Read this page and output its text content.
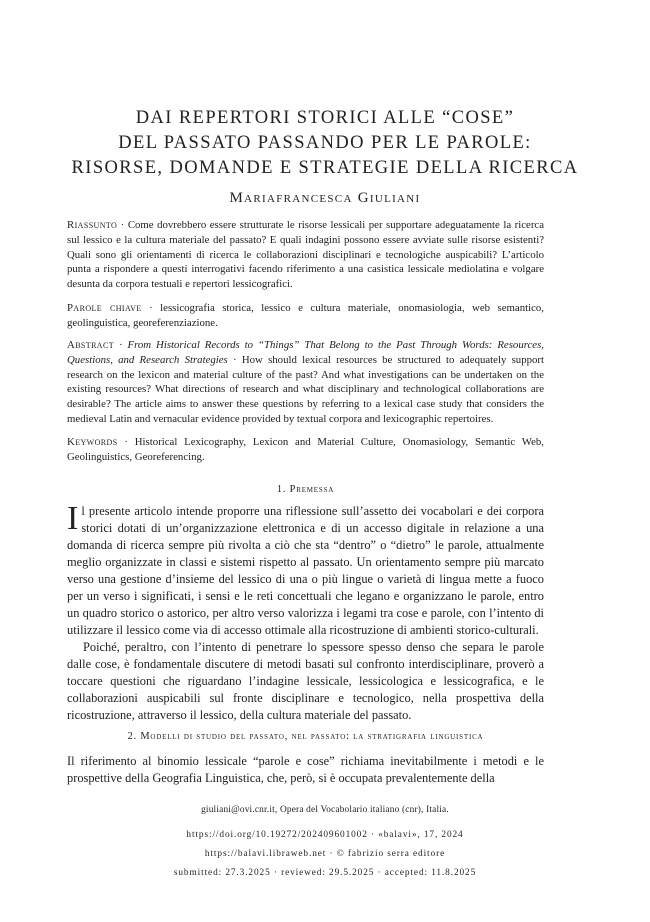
DAI REPERTORI STORICI ALLE “COSE”
DEL PASSATO PASSANDO PER LE PAROLE:
RISORSE, DOMANDE E STRATEGIE DELLA RICERCA
Mariafrancesca Giuliani

Riassunto · Come dovrebbero essere strutturate le risorse lessicali per supportare adeguatamente la ricerca sul lessico e la cultura materiale del passato? E quali indagini possono essere avviate sulle risorse esistenti? Quali sono gli orientamenti di ricerca le collaborazioni disciplinari e tecnologiche auspicabili? L’articolo punta a rispondere a questi interrogativi facendo riferimento a una casistica lessicale mediolatina e volgare desunta da corpora testuali e repertori lessicografici.

Parole chiave · lessicografia storica, lessico e cultura materiale, onomasiologia, web semantico, geolinguistica, georeferenziazione.

Abstract · From Historical Records to “Things” That Belong to the Past Through Words: Resources, Questions, and Research Strategies · How should lexical resources be structured to adequately support research on the lexicon and material culture of the past? And what investigations can be undertaken on the existing resources? What directions of research and what disciplinary and technological collaborations are desirable? The article aims to answer these questions by referring to a lexical case study that considers the medieval Latin and vernacular evidence provided by textual corpora and lexicographic repertoires.

Keywords · Historical Lexicography, Lexicon and Material Culture, Onomasiology, Semantic Web, Geolinguistics, Georeferencing.

1. Premessa

Il presente articolo intende proporre una riflessione sull’assetto dei vocabolari e dei corpora storici dotati di un’organizzazione elettronica e di un accesso digitale in relazione a una domanda di ricerca sempre più rivolta a ciò che sta “dentro” o “dietro” le parole, attualmente meglio organizzate in classi e sistemi rispetto al passato. Un orientamento sempre più marcato verso una gestione d’insieme del lessico di una o più lingue o varietà di lingua mette a fuoco per un verso i significati, i sensi e le reti concettuali che legano e organizzano le parole, entro un quadro storico o astorico, per altro verso valorizza i legami tra cose e parole, con l’intento di utilizzare il lessico come via di accesso ottimale alla ricostruzione di ambienti storico-culturali.

Poiché, peraltro, con l’intento di penetrare lo spessore spesso denso che separa le parole dalle cose, è fondamentale discutere di metodi basati sul confronto interdisciplinare, proverò a toccare questioni che riguardano l’indagine lessicale, lessicologica e lessicografica, e le collaborazioni auspicabili sul fronte disciplinare e tecnologico, nella prospettiva della ricostruzione, attraverso il lessico, della cultura materiale del passato.

2. Modelli di studio del passato, nel passato: la stratigrafia linguistica

Il riferimento al binomio lessicale “parole e cose” richiama inevitabilmente i metodi e le prospettive della Geografia Linguistica, che, però, si è occupata prevalentemente della

giuliani@ovi.cnr.it, Opera del Vocabolario italiano (cnr), Italia.
https://doi.org/10.19272/202409601002 · «balavi», 17, 2024
https://balavi.libraweb.net · © fabrizio serra editore
submitted: 27.3.2025 · reviewed: 29.5.2025 · accepted: 11.8.2025
